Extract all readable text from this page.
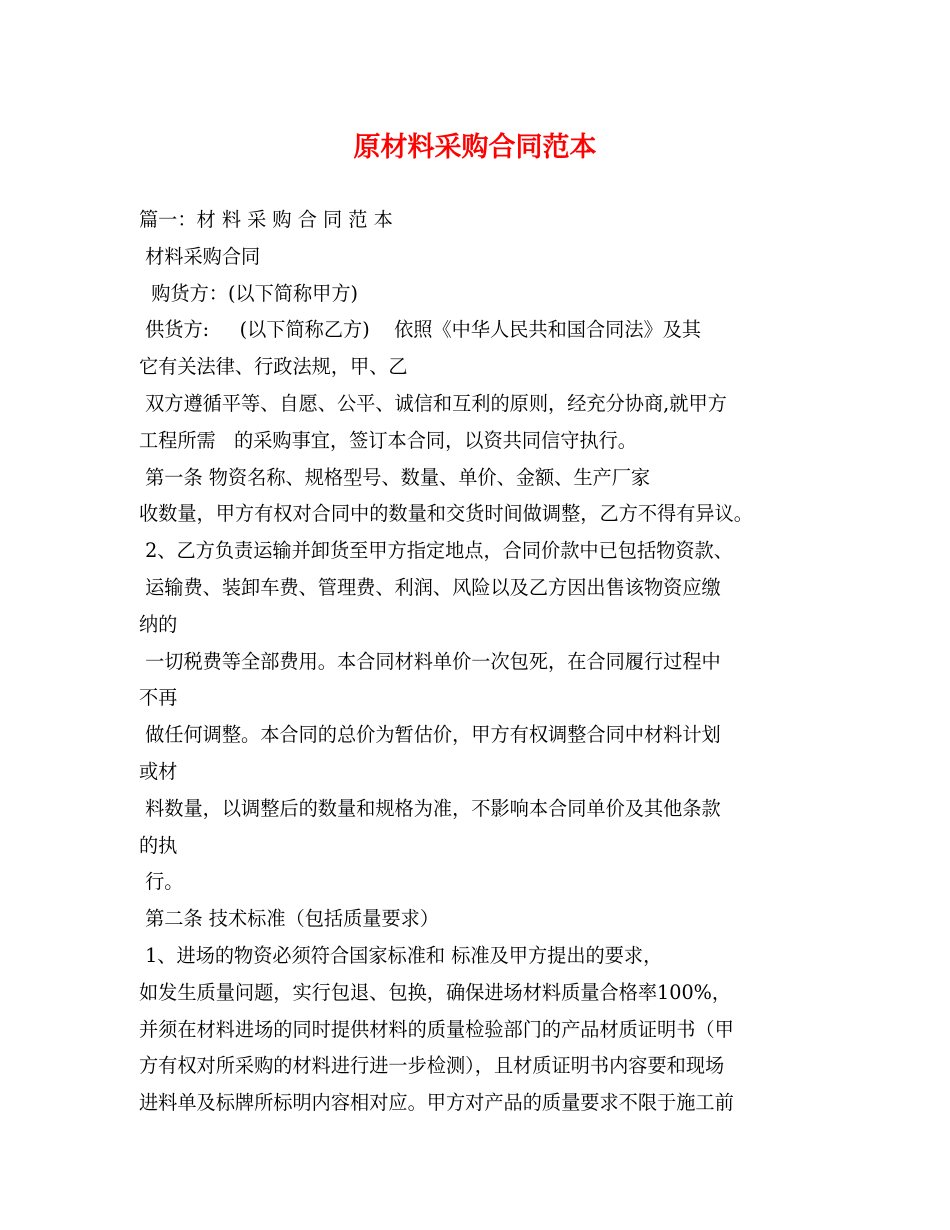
原材料采购合同范本
篇一：材 料 采 购 合 同 范 本
材料采购合同
购货方：(以下简称甲方)
供货方:     (以下简称乙方)    依照《中华人民共和国合同法》及其
它有关法律、行政法规，甲、乙
双方遵循平等、自愿、公平、诚信和互利的原则，经充分协商,就甲方
工程所需   的采购事宜，签订本合同，以资共同信守执行。
第一条 物资名称、规格型号、数量、单价、金额、生产厂家
收数量，甲方有权对合同中的数量和交货时间做调整，乙方不得有异议。
2、乙方负责运输并卸货至甲方指定地点，合同价款中已包括物资款、
运输费、装卸车费、管理费、利润、风险以及乙方因出售该物资应缴
纳的
一切税费等全部费用。本合同材料单价一次包死，在合同履行过程中
不再
做任何调整。本合同的总价为暂估价，甲方有权调整合同中材料计划
或材
料数量，以调整后的数量和规格为准，不影响本合同单价及其他条款
的执
行。
第二条 技术标准（包括质量要求）
1、进场的物资必须符合国家标准和 标准及甲方提出的要求，
如发生质量问题，实行包退、包换，确保进场材料质量合格率100%，
并须在材料进场的同时提供材料的质量检验部门的产品材质证明书（甲
方有权对所采购的材料进行进一步检测），且材质证明书内容要和现场
进料单及标牌所标明内容相对应。甲方对产品的质量要求不限于施工前
